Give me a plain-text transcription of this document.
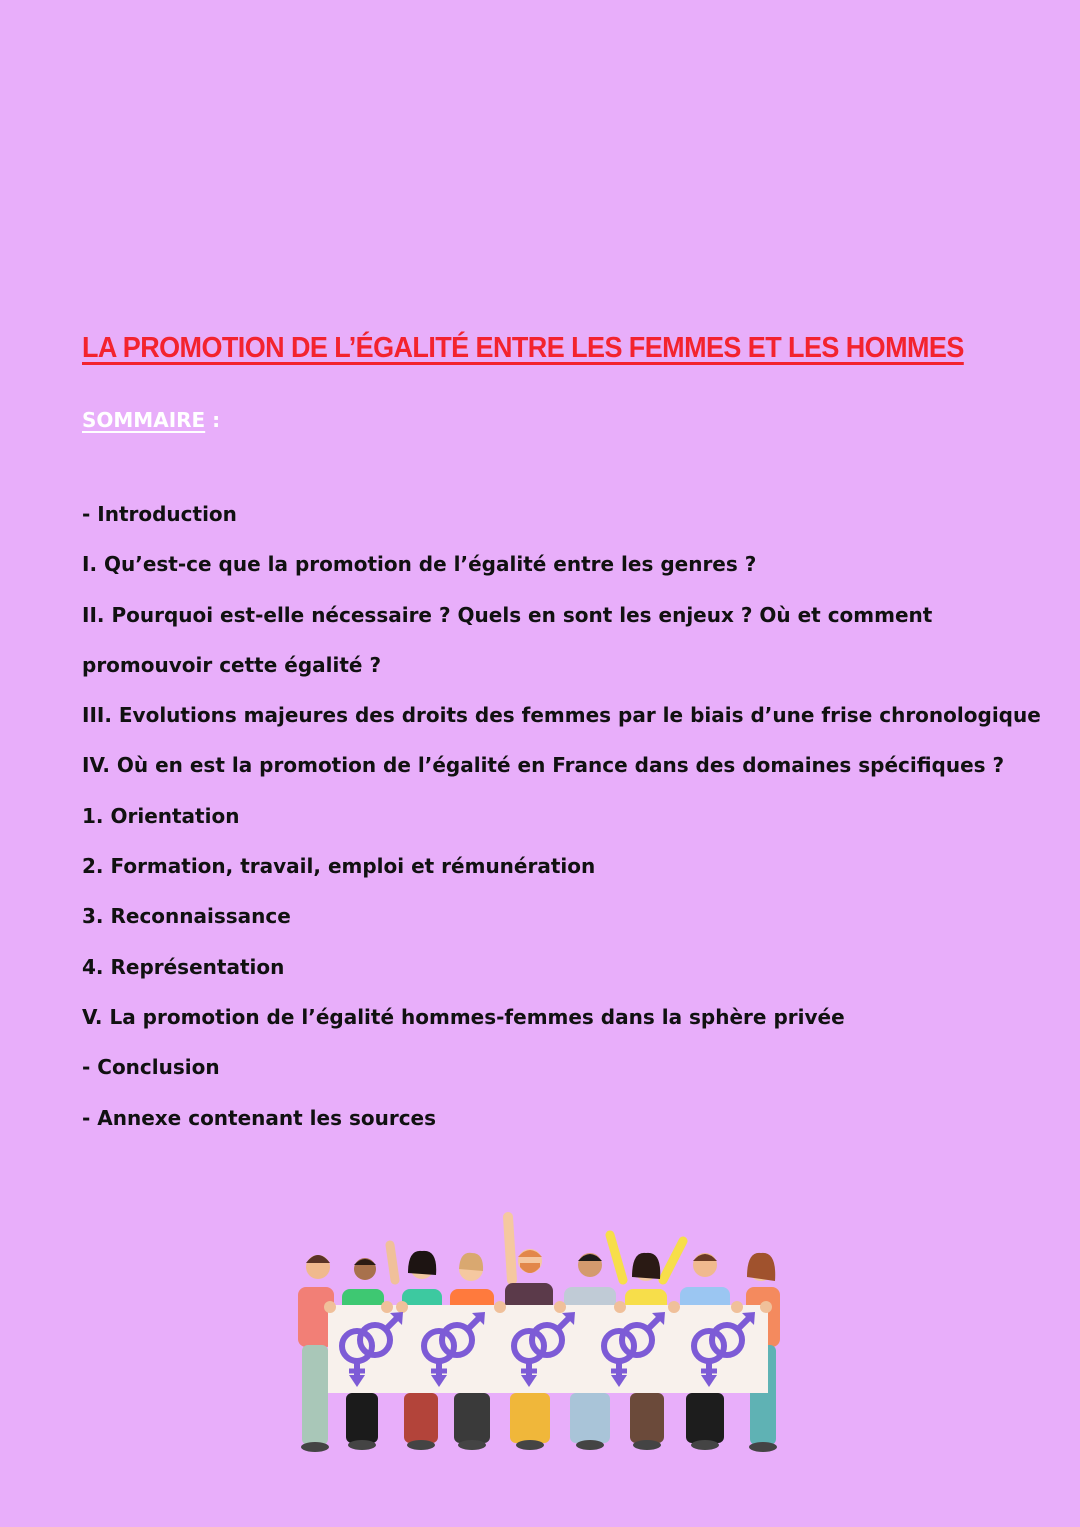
LA PROMOTION DE L’ÉGALITÉ ENTRE LES FEMMES ET LES HOMMES
SOMMAIRE :
- Introduction
I. Qu’est-ce que la promotion de l’égalité entre les genres ?
II. Pourquoi est-elle nécessaire ? Quels en sont les enjeux ? Où et comment
promouvoir cette égalité ?
III. Evolutions majeures des droits des femmes par le biais d’une frise chronologique
IV. Où en est la promotion de l’égalité en France dans des domaines spécifiques ?
1. Orientation
2. Formation, travail, emploi et rémunération
3. Reconnaissance
4. Représentation
V. La promotion de l’égalité hommes-femmes dans la sphère privée
- Conclusion
- Annexe contenant les sources
